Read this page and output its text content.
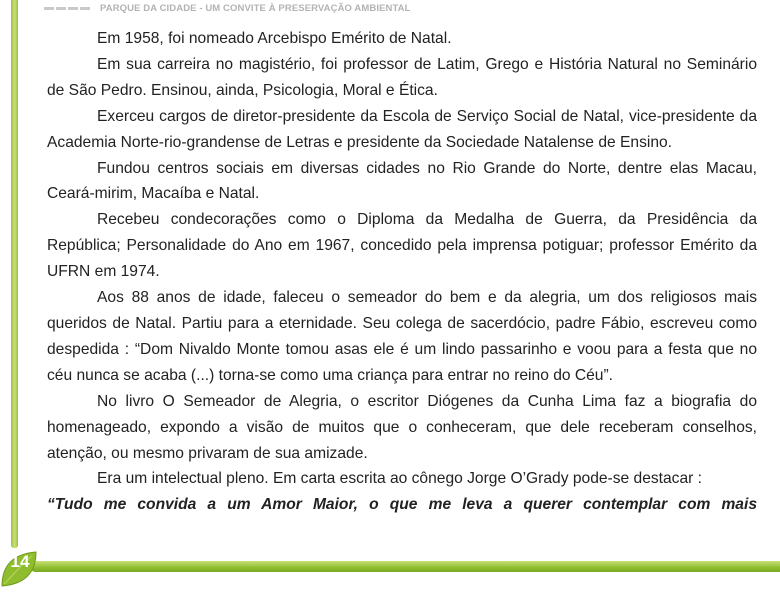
PARQUE DA CIDADE - UM CONVITE À PRESERVAÇÃO AMBIENTAL

Em 1958, foi nomeado Arcebispo Emérito de Natal.

Em sua carreira no magistério, foi professor de Latim, Grego e História Natural no Seminário de São Pedro. Ensinou, ainda, Psicologia, Moral e Ética.

Exerceu cargos de diretor-presidente da Escola de Serviço Social de Natal, vice-presidente da Academia Norte-rio-grandense de Letras e presidente da Sociedade Natalense de Ensino.

Fundou centros sociais em diversas cidades no Rio Grande do Norte, dentre elas Macau, Ceará-mirim, Macaíba e Natal.

Recebeu condecorações como o Diploma da Medalha de Guerra, da Presidência da República; Personalidade do Ano em 1967, concedido pela imprensa potiguar; professor Emérito da UFRN em 1974.

Aos 88 anos de idade, faleceu o semeador do bem e da alegria, um dos religiosos mais queridos de Natal. Partiu para a eternidade. Seu colega de sacerdócio, padre Fábio, escreveu como despedida : “Dom Nivaldo Monte tomou asas ele é um lindo passarinho e voou para a festa que no céu nunca se acaba (...) torna-se como uma criança para entrar no reino do Céu”.

No livro O Semeador de Alegria, o escritor Diógenes da Cunha Lima faz a biografia do homenageado, expondo a visão de muitos que o conheceram, que dele receberam conselhos, atenção, ou mesmo privaram de sua amizade.

Era um intelectual pleno. Em carta escrita ao cônego Jorge O’Grady pode-se destacar :

“Tudo me convida a um Amor Maior, o que me leva a querer contemplar com mais

14
